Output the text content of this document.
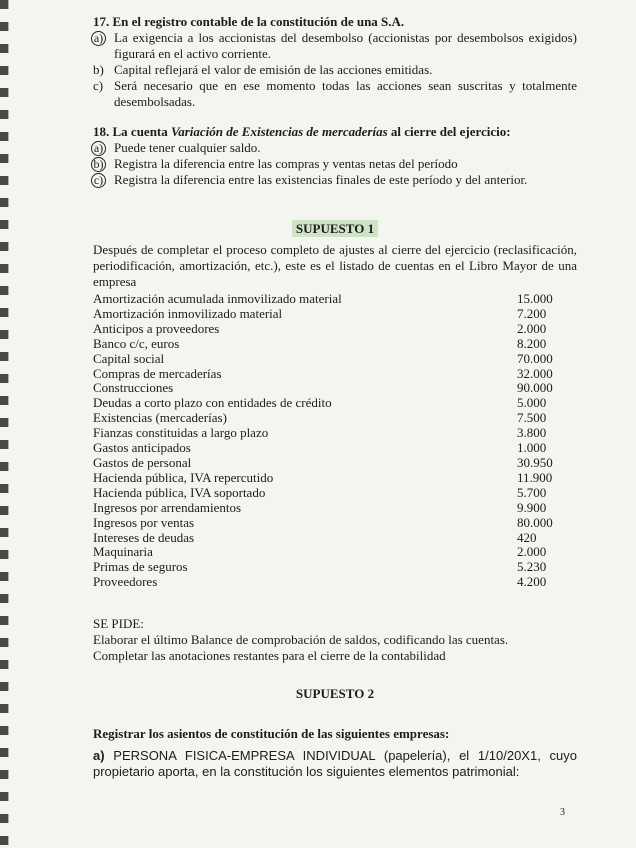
17. En el registro contable de la constitución de una S.A.

a) La exigencia a los accionistas del desembolso (accionistas por desembolsos exigidos) figurará en el activo corriente.
b) Capital reflejará el valor de emisión de las acciones emitidas.
c) Será necesario que en ese momento todas las acciones sean suscritas y totalmente desembolsadas.

18. La cuenta Variación de Existencias de mercaderías al cierre del ejercicio:

a) Puede tener cualquier saldo.
b) Registra la diferencia entre las compras y ventas netas del período
c) Registra la diferencia entre las existencias finales de este período y del anterior.

SUPUESTO 1

Después de completar el proceso completo de ajustes al cierre del ejercicio (reclasificación, periodificación, amortización, etc.), este es el listado de cuentas en el Libro Mayor de una empresa

Amortización acumulada inmovilizado material	15.000
Amortización inmovilizado material	7.200
Anticipos a proveedores	2.000
Banco c/c, euros	8.200
Capital social	70.000
Compras de mercaderías	32.000
Construcciones	90.000
Deudas a corto plazo con entidades de crédito	5.000
Existencias (mercaderías)	7.500
Fianzas constituidas a largo plazo	3.800
Gastos anticipados	1.000
Gastos de personal	30.950
Hacienda pública, IVA repercutido	11.900
Hacienda pública, IVA soportado	5.700
Ingresos por arrendamientos	9.900
Ingresos por ventas	80.000
Intereses de deudas	420
Maquinaria	2.000
Primas de seguros	5.230
Proveedores	4.200

SE PIDE:

Elaborar el último Balance de comprobación de saldos, codificando las cuentas.

Completar las anotaciones restantes para el cierre de la contabilidad

SUPUESTO 2

Registrar los asientos de constitución de las siguientes empresas:

a) PERSONA FISICA-EMPRESA INDIVIDUAL (papelería), el 1/10/20X1, cuyo propietario aporta, en la constitución los siguientes elementos patrimonial:

3
